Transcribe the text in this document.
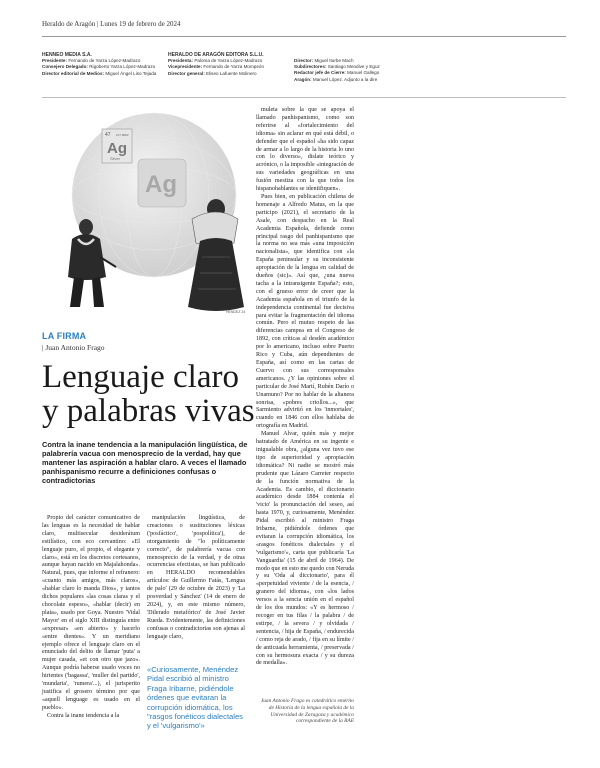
Heraldo de Aragón | Lunes 19 de febrero de 2024
HENNEO MEDIA S.A.
Presidente: Fernando de Yarza López-Madrazo
Consejero Delegado: Rigoberto Yarza López-Madrazo
Director editorial de Medios: Miguel Ángel Liso Tejada
HERALDO DE ARAGÓN EDITORA S.L.U.
Presidenta: Paloma de Yarza López-Madrazo
Vicepresidente: Fernando de Yarza Mompeón
Director general: Eliseo Lafuente Molinero
Director: Miguel Iturbe Mach
Subdirectores: Santiago Mendive y Eguz
Redactor jefe de Cierre: Manuel Gallego
Aragón: Manuel López. Adjunto a la dire
47 107.8682
Ag
Silver
Ag
HENDEZ 24
LA FIRMA
| Juan Antonio Frago
Lenguaje claro
y palabras vivas
Contra la inane tendencia a la manipulación lingüística, de palabrería vacua con menosprecio de la verdad, hay que mantener las aspiración a hablar claro. A veces el llamado panhispanismo recurre a definiciones confusas o contradictorias

Propio del carácter comunicativo de las lenguas es la necesidad de hablar claro, multisecular desiderátum estilístico, con eco cervantino: «El lenguaje puro, el propio, el elegante y claro», está en los discretos cortesanos, aunque hayan nacido en Majalahonda». Natural, pues, que informe el refranero: «cuanto más amigos, más claros», «hablar claro lo manda Dios», y tantos dichos populares «las cosas claras y el chocolate espeso», «hablar (decir) en plata», usado por Goya. Nuestro 'Vidal Mayor' en el siglo XIII distinguía entre «expresar» «en abierto» y hacerlo «entre dientes». Y un meridiano ejemplo ofrece el lenguaje claro en el enunciado del delito de llamar 'puta' a mujer casada, «et con otro que jazo». Aunque podría haberse usado voces no hirientes ('bagassa', 'muller del partido', 'mundaria', 'rumera'...), el jurisperito justifica el grosero término por que «aquell lenguage es usado en el pueblo».

Contra la inane tendencia a la

manipulación lingüística, de creaciones o sustituciones léxicas ('posfáctico', 'pospolítica'), de otorgamiento de "lo políticamente correcto", de palabrería vacua con menosprecio de la verdad, y de otras ocurrencias efectistas, se han publicado en HERALDO recomendables artículos: de Guillermo Fatás, 'Lengua de palo' (29 de octubre de 2023) y 'La posverdad y Sánchez' (14 de enero de 2024), y, en este mismo número, 'Dilerado metafórico' de José Javier Rueda. Evidentemente, las definiciones confusas o contradictorias son ajenas al lenguaje claro,

«Curiosamente, Menéndez Pidal escribió al ministro Fraga Iribarne, pidiéndole órdenes que evitaran la corrupción idiomática, los "rasgos fonéticos dialectales y el 'vulgarismo'»

muleta sobre la que se apoya el llamado panhispanismo, como son referirse al «fortalecimiento del idioma» sin aclarar en qué está débil, o defender que el español «ha sido capaz de armar a lo largo de la historia lo uno con lo diverso», dislate teórico y acrónico, o la imposible «integración de sus variedades geográficas en una fusión mestiza con la que todos los hispanohablantes se identifiquen».

Pues bien, en publicación chilena de homenaje a Alfredo Matus, en la que participo (2021), el secretario de la Asale, con despacho en la Real Academia Española, defiende como principal rasgo del panhispanismo que la norma no sea más «una imposición nacionalista», que identifica con «la España peninsular y su inconsistente apropiación de la lengua en calidad de dueños (sic)». Así que, ¿una nueva tacha a la intransigente España?; esto, con el grueso error de creer que la Academia española en el triunfo de la independencia continental fue decisiva para evitar la fragmentación del idioma común. Pero el mutuo respeto de las diferencias campea en el Congreso de 1892, con críticas al desdén académico por lo americano, incluso sobre Puerto Rico y Cuba, aún dependientes de España, así como en las cartas de Cuervo con sus corresponsales americanos. ¿Y las opiniones sobre el particular de José Martí, Rubén Darío o Unamuno? Por no hablar de la altanera sonrisa, «pobres criollos...», que Sarmiento advirtió en los 'inmortales', cuando en 1846 con ellos hablaba de ortografía en Madrid.

Manuel Alvar, quién más y mejor hatratado de América en su ingente e inigualable obra, ¿alguna vez tuvo ese tipo de superioridad y apropiación idiomática? Ni nadie se mostró más prudente que Lázaro Carreter respecto de la función normativa de la Academia. Es cambio, el diccionario académico desde 1884 contenía el 'vicio' la pronunciación del seseo, así hasta 1970, y, curiosamente, Menéndez Pidal escribió al ministro Fraga Iribarne, pidiéndole órdenes que evitaran la corrupción idiomática, los «rasgos fonéticos dialectales y el 'vulgarismo'», carta que publicaría 'La Vanguardia' (15 de abril de 1964). De modo que en esto me quedo con Neruda y su 'Oda al diccionario', para él «perpetuidad viviente / de la esencia, / granero del idioma», con «los lados versos a la sencia unión en el español de los dos mundos: «Y es hermoso / recoger en tus filas / la palabra / de estirpe, / la severa / y olvidada / sentencia, / hija de España, / endurecida / como reja de arado, / fija en su límite / de anticuada herramienta, / preservada / con su hermosura exacta / y su dureza de medalla».

Juan Antonio Frago es catedrático emérito de Historia de la lengua española de la Universidad de Zaragoza y académico correspondiente de la RAE
